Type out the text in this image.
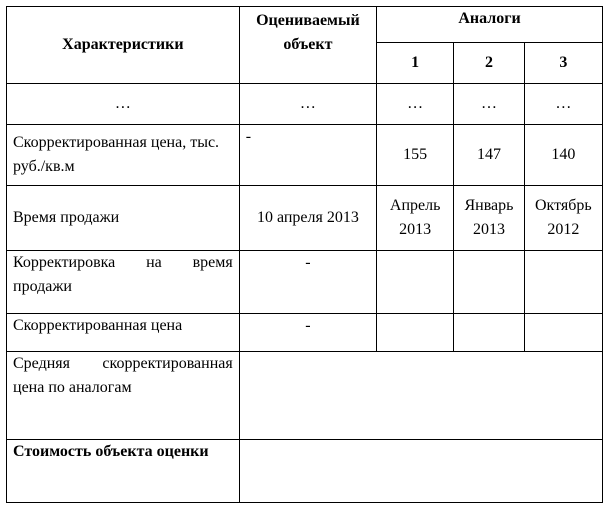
Характеристики	Оцениваемый объект	Аналоги		
		1	2	3
…	…	…	…	…
Скорректированная цена, тыс. руб./кв.м	-	155	147	140
Время продажи	10 апреля 2013	Апрель 2013	Январь 2013	Октябрь 2012
Корректировка на время продажи	-			
Скорректированная цена	-			
Средняя скорректированная цена по аналогам				
Стоимость объекта оценки				
